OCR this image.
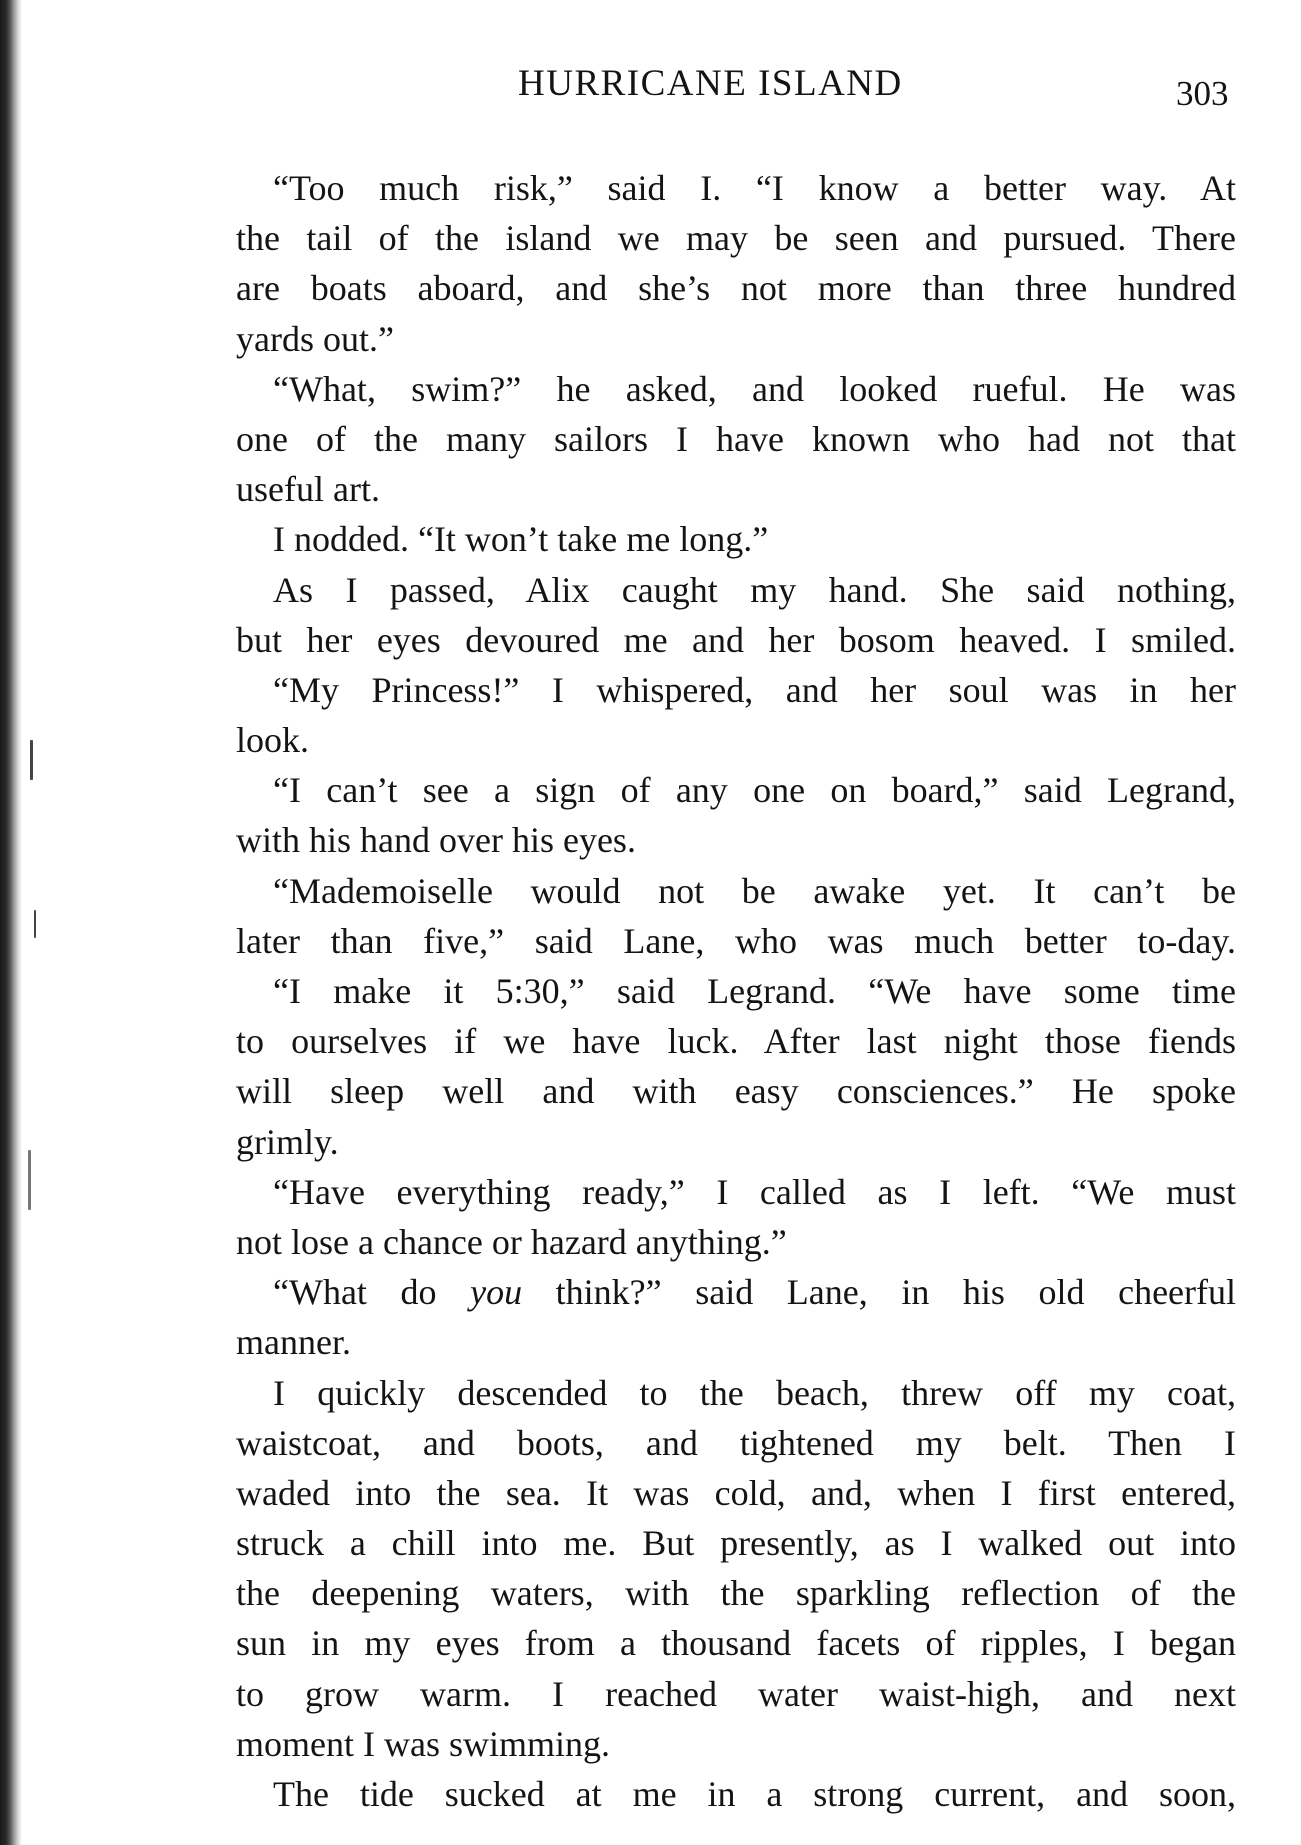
HURRICANE ISLAND	303
“Too much risk,” said I. “I know a better way. At
the tail of the island we may be seen and pursued. There
are boats aboard, and she’s not more than three hundred
yards out.”
“What, swim?” he asked, and looked rueful. He was
one of the many sailors I have known who had not that
useful art.
I nodded. “It won’t take me long.”
As I passed, Alix caught my hand. She said nothing,
but her eyes devoured me and her bosom heaved. I smiled.
“My Princess!” I whispered, and her soul was in her
look.
“I can’t see a sign of any one on board,” said Legrand,
with his hand over his eyes.
“Mademoiselle would not be awake yet. It can’t be
later than five,” said Lane, who was much better to-day.
“I make it 5:30,” said Legrand. “We have some time
to ourselves if we have luck. After last night those fiends
will sleep well and with easy consciences.” He spoke
grimly.
“Have everything ready,” I called as I left. “We must
not lose a chance or hazard anything.”
“What do you think?” said Lane, in his old cheerful
manner.
I quickly descended to the beach, threw off my coat,
waistcoat, and boots, and tightened my belt. Then I
waded into the sea. It was cold, and, when I first entered,
struck a chill into me. But presently, as I walked out into
the deepening waters, with the sparkling reflection of the
sun in my eyes from a thousand facets of ripples, I began
to grow warm. I reached water waist-high, and next
moment I was swimming.
The tide sucked at me in a strong current, and soon,
